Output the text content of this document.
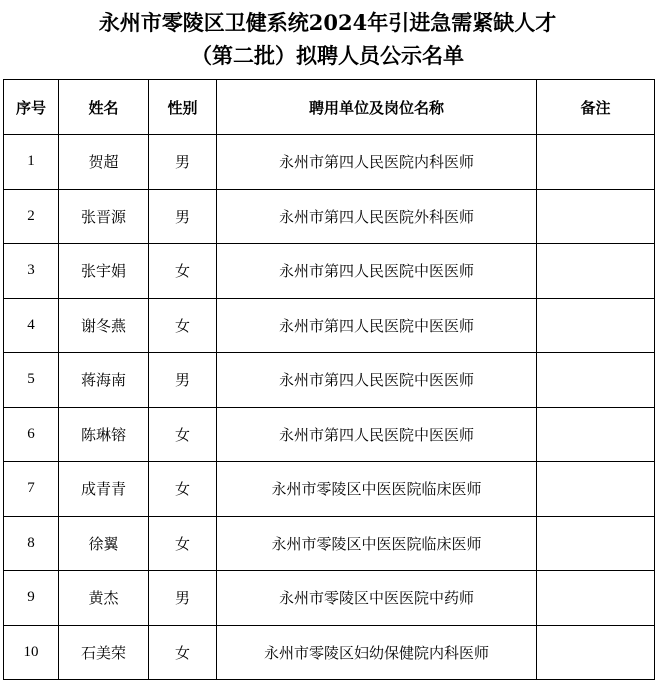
永州市零陵区卫健系统2024年引进急需紧缺人才
（第二批）拟聘人员公示名单
序号	姓名	性别	聘用单位及岗位名称	备注
1	贺超	男	永州市第四人民医院内科医师	
2	张晋源	男	永州市第四人民医院外科医师	
3	张宇娟	女	永州市第四人民医院中医医师	
4	谢冬燕	女	永州市第四人民医院中医医师	
5	蒋海南	男	永州市第四人民医院中医医师	
6	陈琳镕	女	永州市第四人民医院中医医师	
7	成青青	女	永州市零陵区中医医院临床医师	
8	徐翼	女	永州市零陵区中医医院临床医师	
9	黄杰	男	永州市零陵区中医医院中药师	
10	石美荣	女	永州市零陵区妇幼保健院内科医师	
